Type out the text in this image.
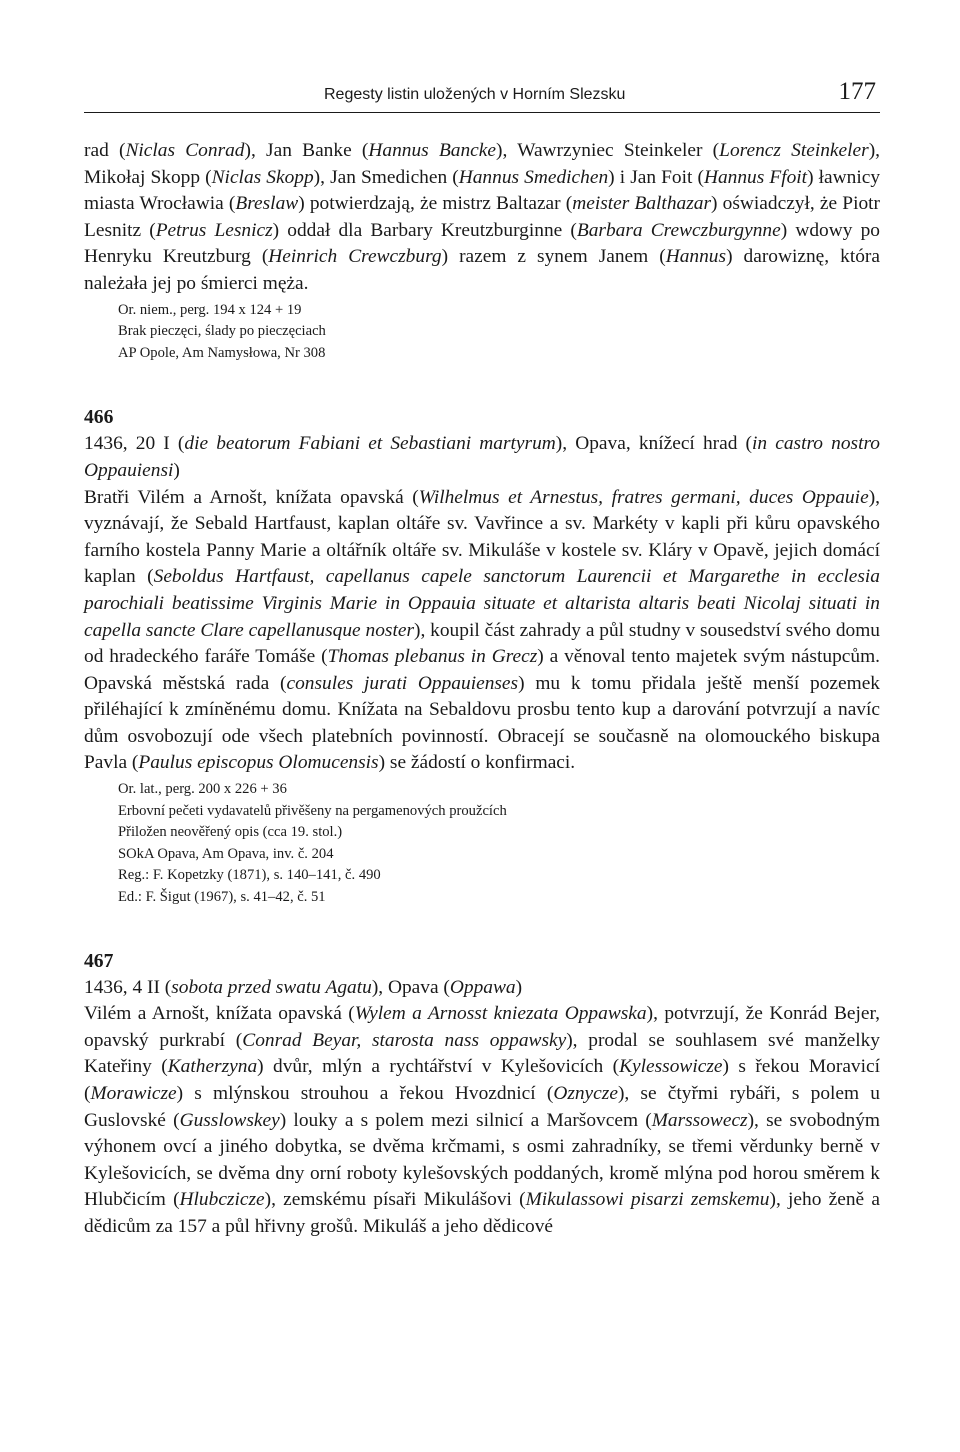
Regesty listin uložených v Horním Slezsku	177

rad (Niclas Conrad), Jan Banke (Hannus Bancke), Wawrzyniec Steinkeler (Lorencz Steinkeler), Mikołaj Skopp (Niclas Skopp), Jan Smedichen (Hannus Smedichen) i Jan Foit (Hannus Ffoit) ławnicy miasta Wrocławia (Breslaw) potwierdzają, że mistrz Baltazar (meister Balthazar) oświadczył, że Piotr Lesnitz (Petrus Lesnicz) oddał dla Barbary Kreutzburginne (Barbara Crewczburgynne) wdowy po Henryku Kreutzburg (Heinrich Crewczburg) razem z synem Janem (Hannus) darowiznę, która należała jej po śmierci męża.

Or. niem., perg. 194 x 124 + 19

Brak pieczęci, ślady po pieczęciach

AP Opole, Am Namysłowa, Nr 308

466

1436, 20 I (die beatorum Fabiani et Sebastiani martyrum), Opava, knížecí hrad (in castro nostro Oppauiensi)

Bratři Vilém a Arnošt, knížata opavská (Wilhelmus et Arnestus, fratres germani, duces Oppauie), vyznávají, že Sebald Hartfaust, kaplan oltáře sv. Vavřince a sv. Markéty v kapli při kůru opavského farního kostela Panny Marie a oltářník oltáře sv. Mikuláše v kostele sv. Kláry v Opavě, jejich domácí kaplan (Seboldus Hartfaust, capellanus capele sanctorum Laurencii et Margarethe in ecclesia parochiali beatissime Virginis Marie in Oppauia situate et altarista altaris beati Nicolaj situati in capella sancte Clare capellanusque noster), koupil část zahrady a půl studny v sousedství svého domu od hradeckého faráře Tomáše (Thomas plebanus in Grecz) a věnoval tento majetek svým nástupcům. Opavská městská rada (consules jurati Oppauienses) mu k tomu přidala ještě menší pozemek přiléhající k zmíněnému domu. Knížata na Sebaldovu prosbu tento kup a darování potvrzují a navíc dům osvobozují ode všech platebních povinností. Obracejí se současně na olomouckého biskupa Pavla (Paulus episcopus Olomucensis) se žádostí o konfirmaci.

Or. lat., perg. 200 x 226 + 36

Erbovní pečeti vydavatelů přivěšeny na pergamenových proužcích

Přiložen neověřený opis (cca 19. stol.)

SOkA Opava, Am Opava, inv. č. 204

Reg.: F. Kopetzky (1871), s. 140–141, č. 490

Ed.: F. Šigut (1967), s. 41–42, č. 51

467

1436, 4 II (sobota przed swatu Agatu), Opava (Oppawa)

Vilém a Arnošt, knížata opavská (Wylem a Arnosst kniezata Oppawska), potvrzují, že Konrád Bejer, opavský purkrabí (Conrad Beyar, starosta nass oppawsky), prodal se souhlasem své manželky Kateřiny (Katherzyna) dvůr, mlýn a rychtářství v Kylešovicích (Kylessowicze) s řekou Moravicí (Morawicze) s mlýnskou strouhou a řekou Hvozdnicí (Oznycze), se čtyřmi rybáři, s polem u Guslovské (Gusslowskey) louky a s polem mezi silnicí a Maršovcem (Marssowecz), se svobodným výhonem ovcí a jiného dobytka, se dvěma krčmami, s osmi zahradníky, se třemi věrdunky berně v Kylešovicích, se dvěma dny orní roboty kylešovských poddaných, kromě mlýna pod horou směrem k Hlubčicím (Hlubczicze), zemskému písaři Mikulášovi (Mikulassowi pisarzi zemskemu), jeho ženě a dědicům za 157 a půl hřivny grošů. Mikuláš a jeho dědicové
